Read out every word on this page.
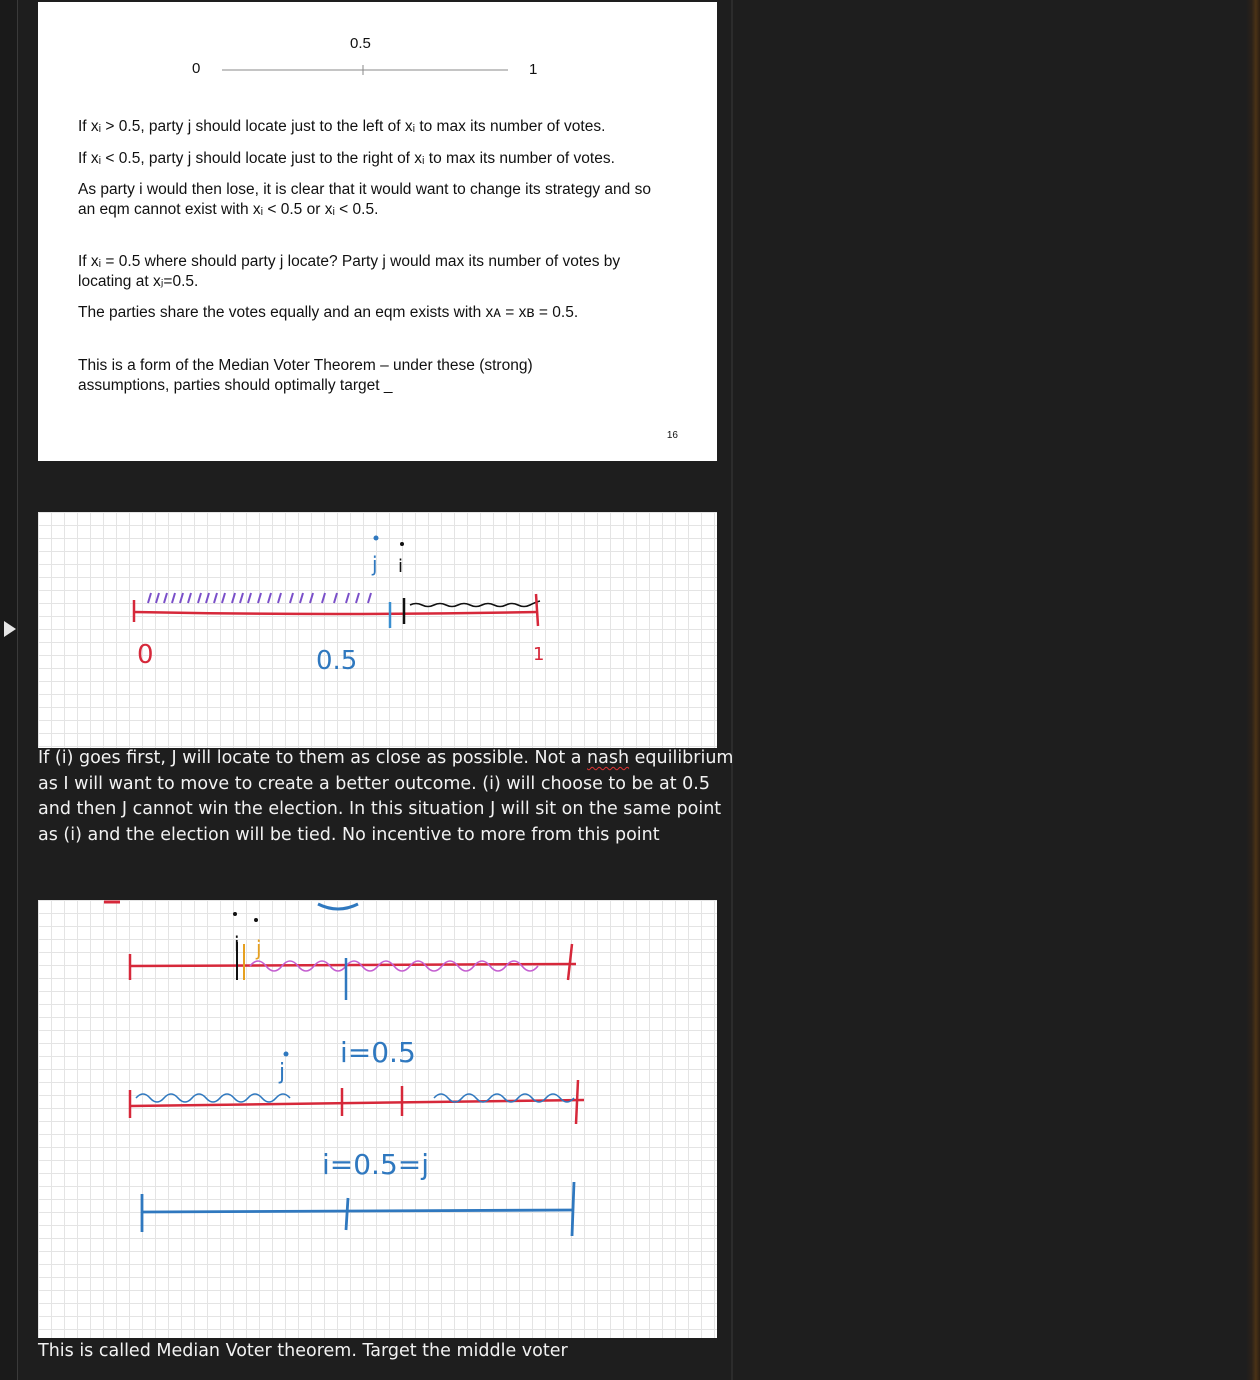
0.5
0	1

If xᵢ > 0.5, party j should locate just to the left of xᵢ to max its number of votes.

If xᵢ < 0.5, party j should locate just to the right of xᵢ to max its number of votes.

As party i would then lose, it is clear that it would want to change its strategy and so an eqm cannot exist with xᵢ < 0.5 or xᵢ < 0.5.

If xᵢ = 0.5 where should party j locate? Party j would max its number of votes by locating at xⱼ=0.5.

The parties share the votes equally and an eqm exists with xᴀ = xʙ = 0.5.

This is a form of the Median Voter Theorem – under these (strong) assumptions, parties should optimally target _

16
0	0.5	1
j i

If (i) goes first, J will locate to them as close as possible. Not a nash equilibrium as I will want to move to create a better outcome. (i) will choose to be at 0.5 and then J cannot win the election. In this situation J will sit on the same point as (i) and the election will be tied. No incentive to more from this point

i j
j
i=0.5
i=0.5=j

This is called Median Voter theorem. Target the middle voter
